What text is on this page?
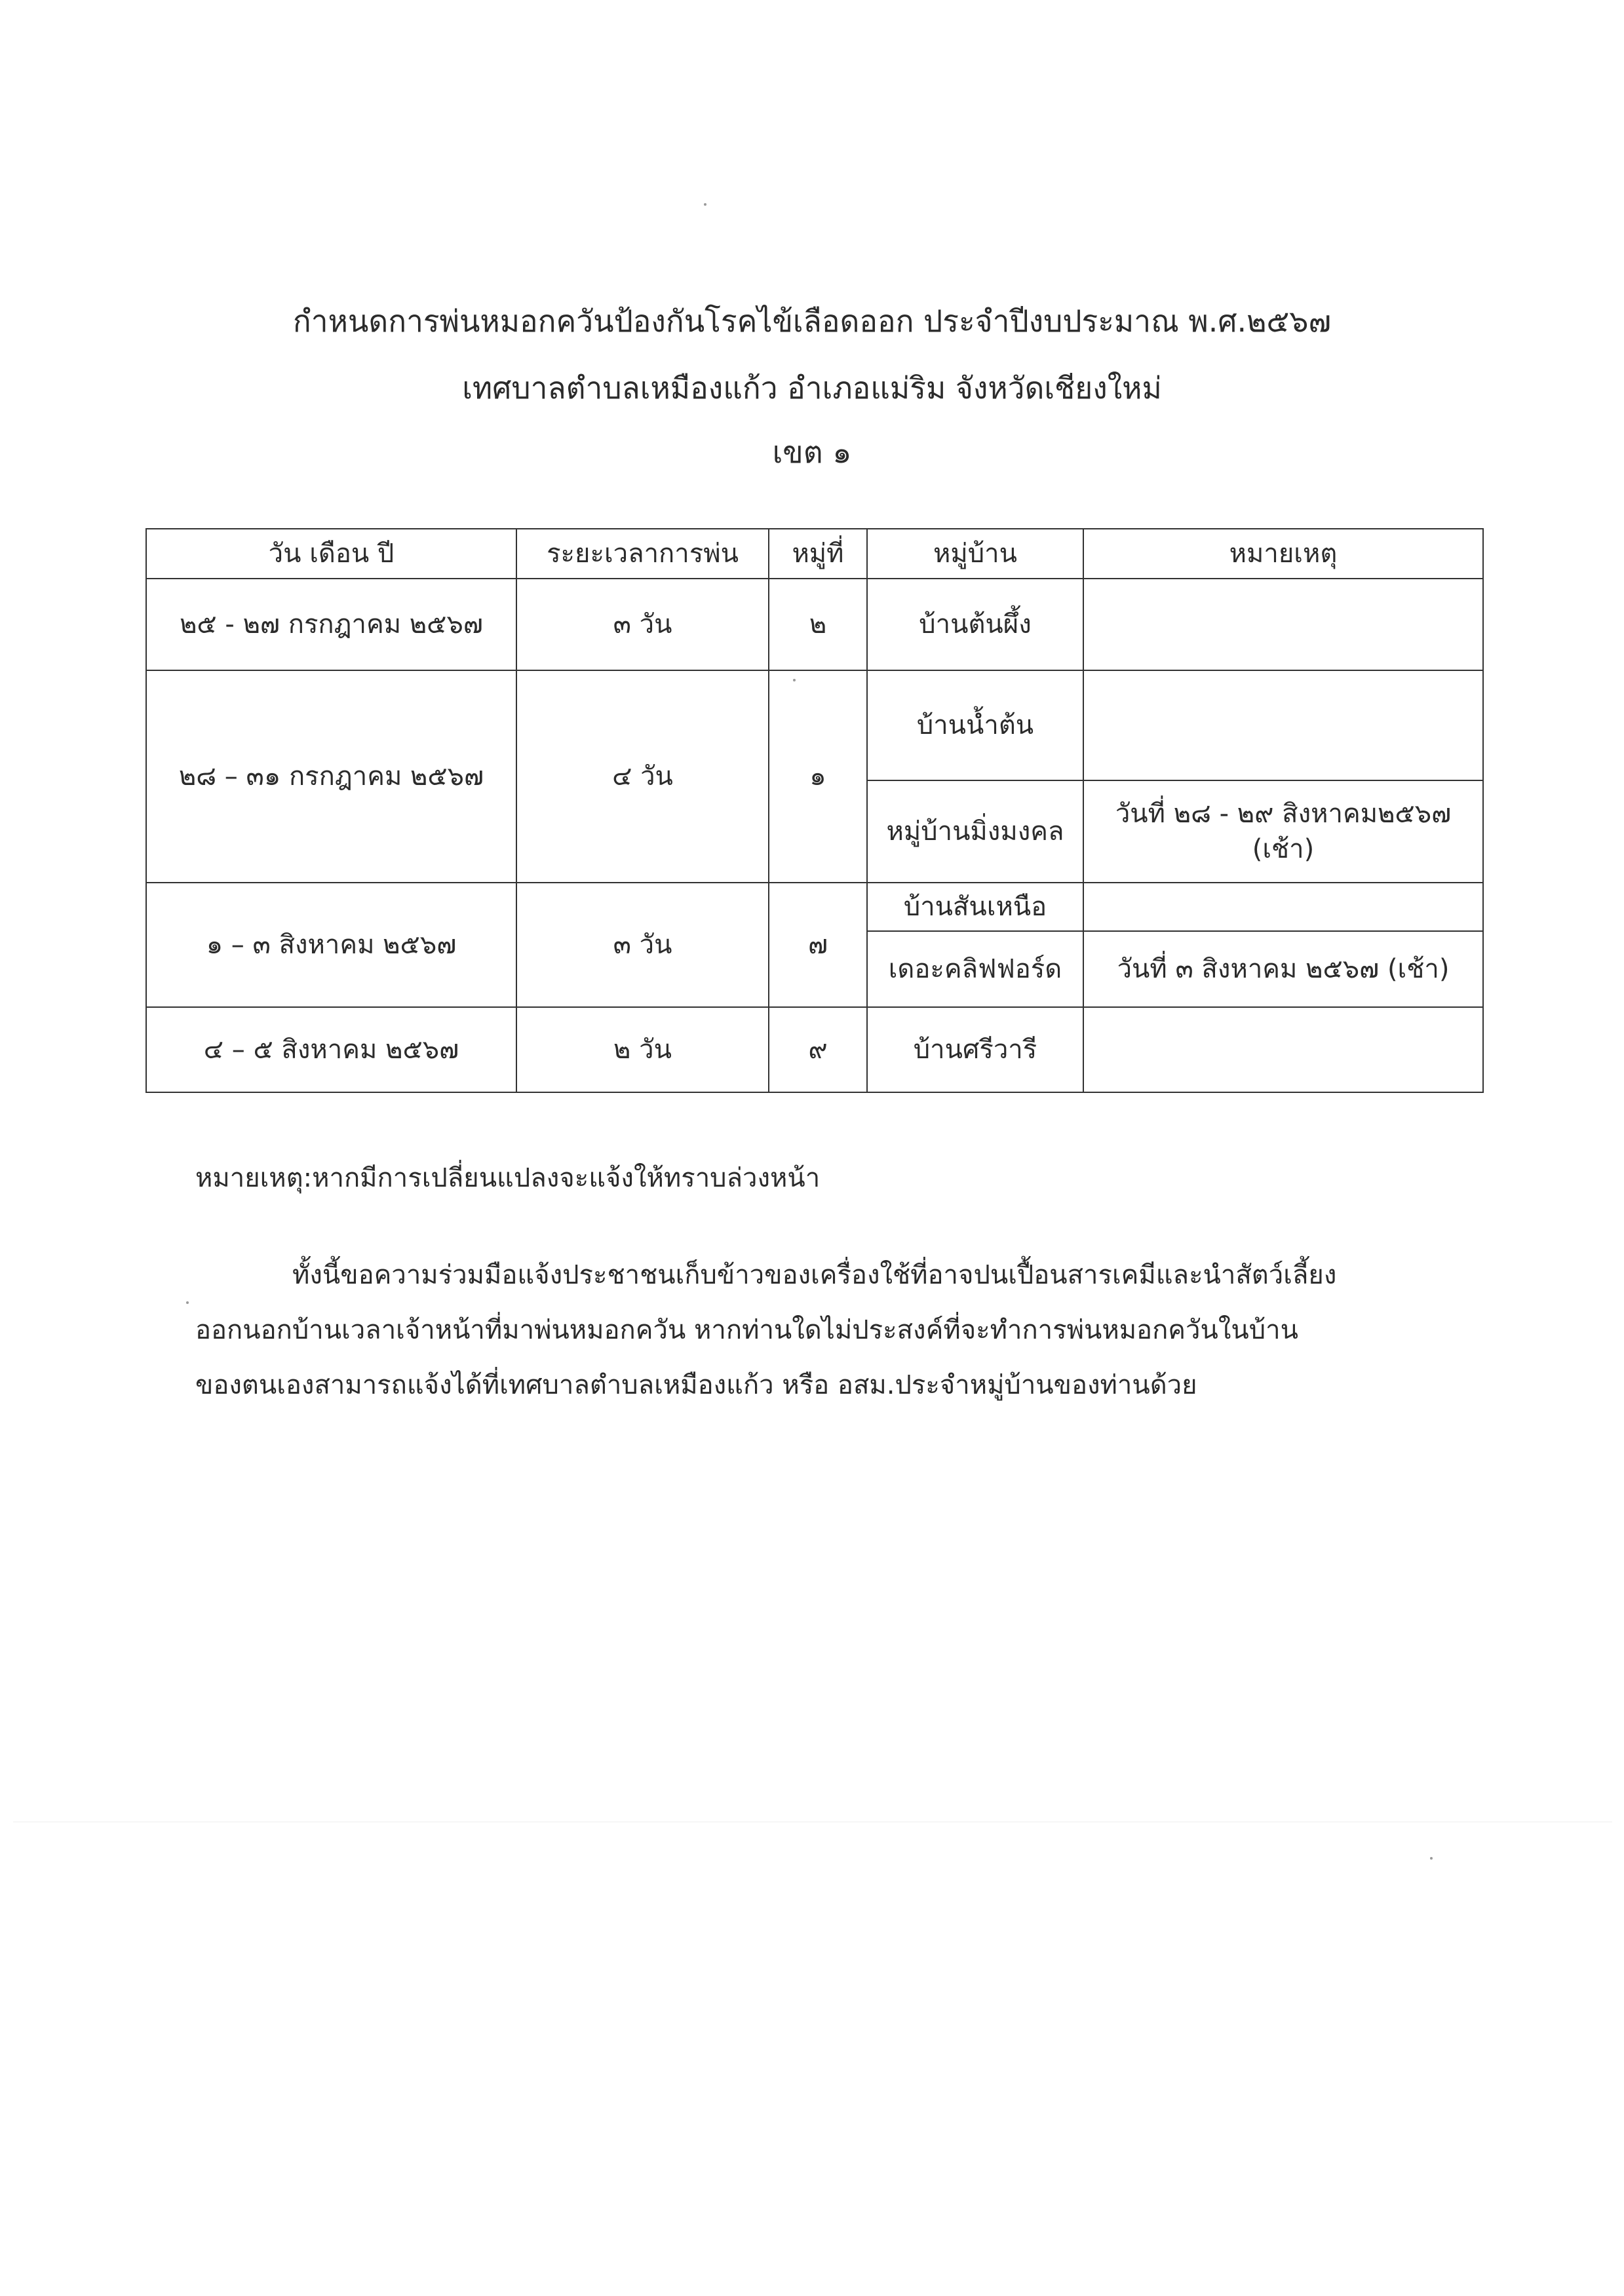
กำหนดการพ่นหมอกควันป้องกันโรคไข้เลือดออก ประจำปีงบประมาณ พ.ศ.๒๕๖๗
เทศบาลตำบลเหมืองแก้ว อำเภอแม่ริม จังหวัดเชียงใหม่
เขต ๑
วัน เดือน ปี	ระยะเวลาการพ่น	หมู่ที่	หมู่บ้าน	หมายเหตุ
๒๕ - ๒๗ กรกฎาคม ๒๕๖๗	๓ วัน	๒	บ้านต้นผึ้ง	
๒๘ – ๓๑ กรกฎาคม ๒๕๖๗	๔ วัน	๑	บ้านน้ำต้น	
			หมู่บ้านมิ่งมงคล	วันที่ ๒๘ - ๒๙ สิงหาคม๒๕๖๗ (เช้า)
๑ – ๓ สิงหาคม ๒๕๖๗	๓ วัน	๗	บ้านสันเหนือ	
			เดอะคลิฟฟอร์ด	วันที่ ๓ สิงหาคม ๒๕๖๗ (เช้า)
๔ – ๕ สิงหาคม ๒๕๖๗	๒ วัน	๙	บ้านศรีวารี	
หมายเหตุ:หากมีการเปลี่ยนแปลงจะแจ้งให้ทราบล่วงหน้า
ทั้งนี้ขอความร่วมมือแจ้งประชาชนเก็บข้าวของเครื่องใช้ที่อาจปนเปื้อนสารเคมีและนำสัตว์เลี้ยง
ออกนอกบ้านเวลาเจ้าหน้าที่มาพ่นหมอกควัน หากท่านใดไม่ประสงค์ที่จะทำการพ่นหมอกควันในบ้าน
ของตนเองสามารถแจ้งได้ที่เทศบาลตำบลเหมืองแก้ว หรือ อสม.ประจำหมู่บ้านของท่านด้วย
